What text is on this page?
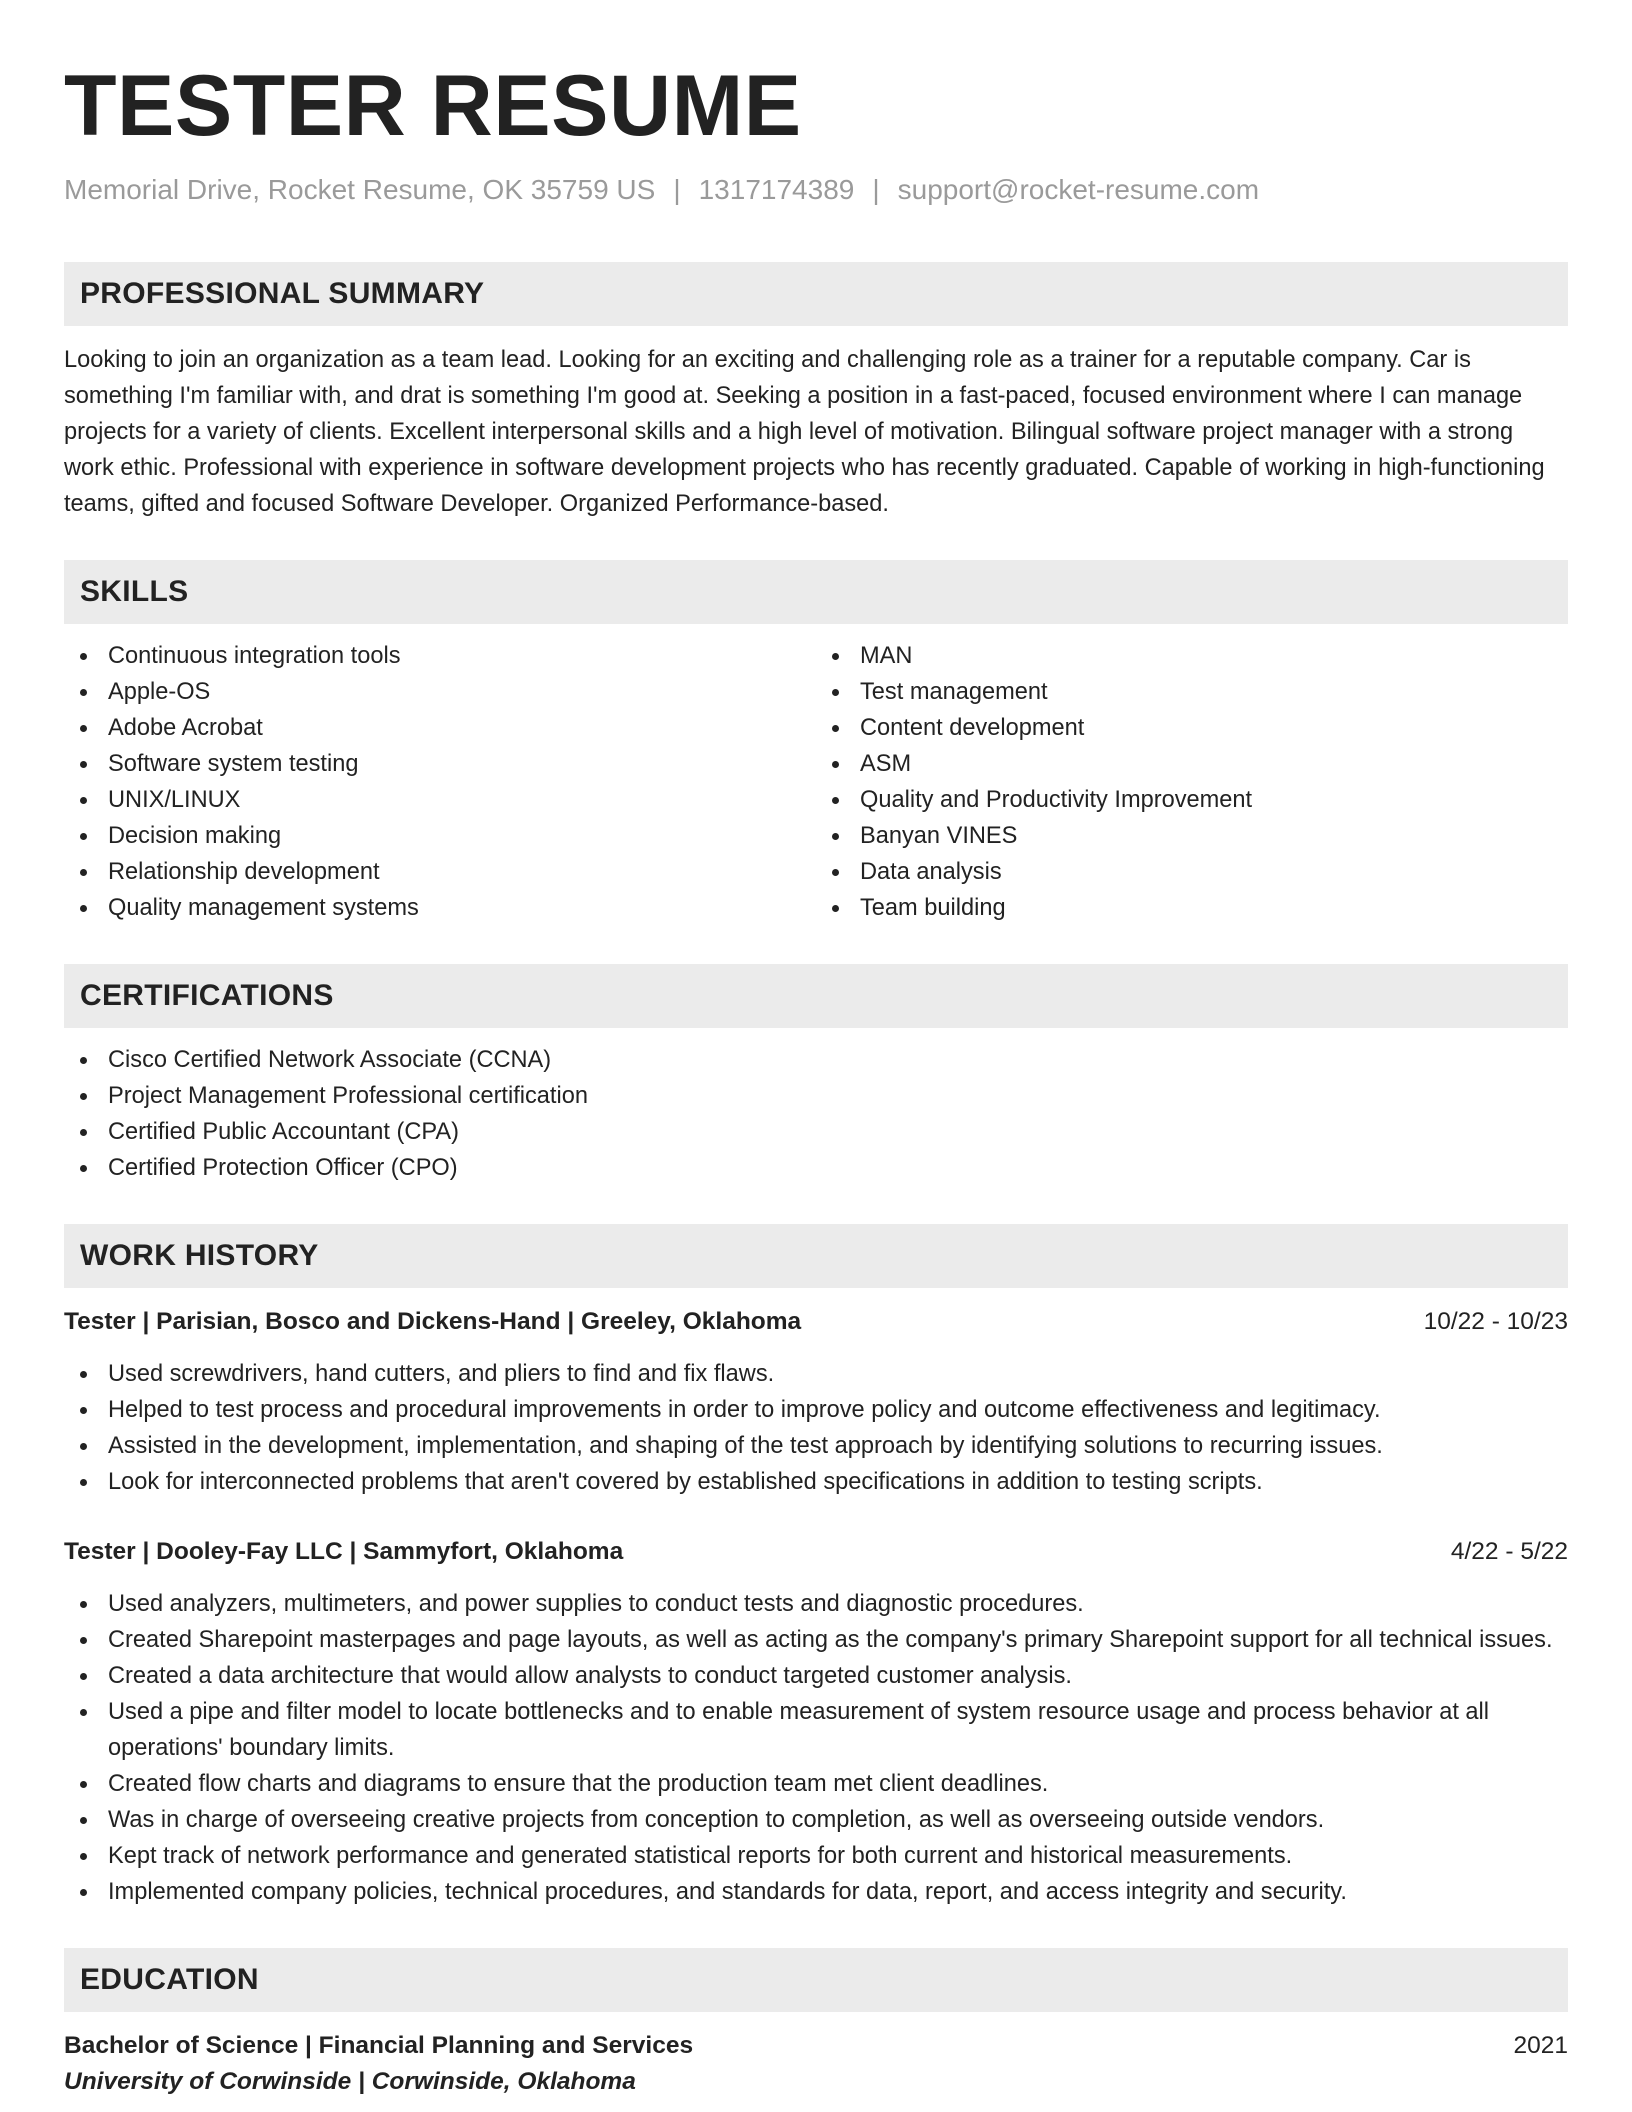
TESTER RESUME
Memorial Drive, Rocket Resume, OK 35759 US | 1317174389 | support@rocket-resume.com
PROFESSIONAL SUMMARY

Looking to join an organization as a team lead. Looking for an exciting and challenging role as a trainer for a reputable company. Car is something I'm familiar with, and drat is something I'm good at. Seeking a position in a fast-paced, focused environment where I can manage projects for a variety of clients. Excellent interpersonal skills and a high level of motivation. Bilingual software project manager with a strong work ethic. Professional with experience in software development projects who has recently graduated. Capable of working in high-functioning teams, gifted and focused Software Developer. Organized Performance-based.

SKILLS
Continuous integration tools
Apple-OS
Adobe Acrobat
Software system testing
UNIX/LINUX
Decision making
Relationship development
Quality management systems
MAN
Test management
Content development
ASM
Quality and Productivity Improvement
Banyan VINES
Data analysis
Team building
CERTIFICATIONS
Cisco Certified Network Associate (CCNA)
Project Management Professional certification
Certified Public Accountant (CPA)
Certified Protection Officer (CPO)
WORK HISTORY
Tester | Parisian, Bosco and Dickens-Hand | Greeley, Oklahoma	10/22 - 10/23
Used screwdrivers, hand cutters, and pliers to find and fix flaws.
Helped to test process and procedural improvements in order to improve policy and outcome effectiveness and legitimacy.
Assisted in the development, implementation, and shaping of the test approach by identifying solutions to recurring issues.
Look for interconnected problems that aren't covered by established specifications in addition to testing scripts.
Tester | Dooley-Fay LLC | Sammyfort, Oklahoma	4/22 - 5/22
Used analyzers, multimeters, and power supplies to conduct tests and diagnostic procedures.
Created Sharepoint masterpages and page layouts, as well as acting as the company's primary Sharepoint support for all technical issues.
Created a data architecture that would allow analysts to conduct targeted customer analysis.
Used a pipe and filter model to locate bottlenecks and to enable measurement of system resource usage and process behavior at all operations' boundary limits.
Created flow charts and diagrams to ensure that the production team met client deadlines.
Was in charge of overseeing creative projects from conception to completion, as well as overseeing outside vendors.
Kept track of network performance and generated statistical reports for both current and historical measurements.
Implemented company policies, technical procedures, and standards for data, report, and access integrity and security.
EDUCATION
Bachelor of Science | Financial Planning and Services	2021
University of Corwinside | Corwinside, Oklahoma
